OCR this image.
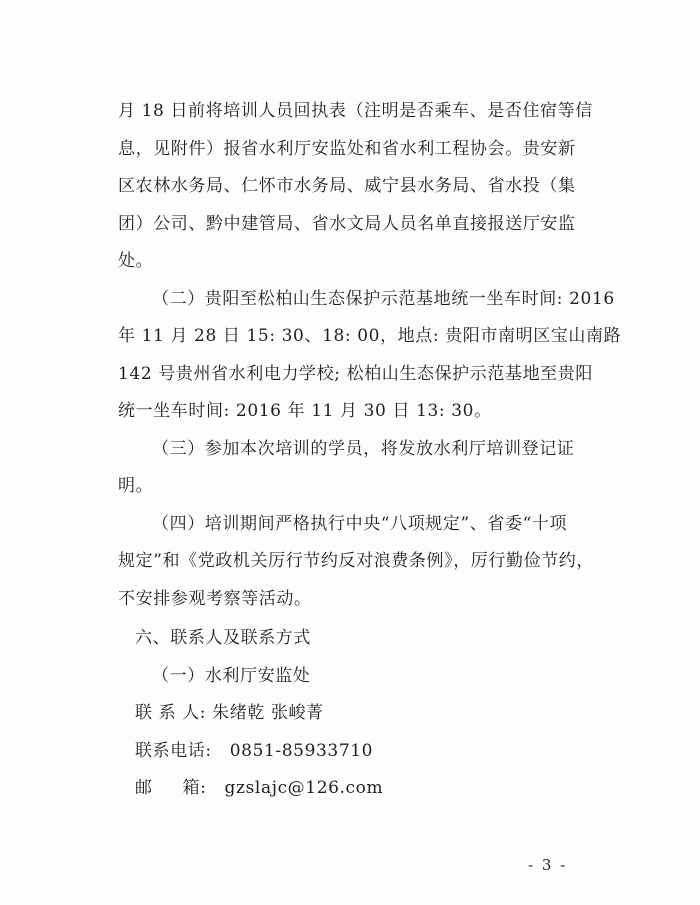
月 18 日前将培训人员回执表（注明是否乘车、是否住宿等信
息，见附件）报省水利厅安监处和省水利工程协会。贵安新
区农林水务局、仁怀市水务局、威宁县水务局、省水投（集
团）公司、黔中建管局、省水文局人员名单直接报送厅安监
处。
（二）贵阳至松柏山生态保护示范基地统一坐车时间: 2016
年 11 月 28 日 15: 30、18: 00，地点: 贵阳市南明区宝山南路
142 号贵州省水利电力学校; 松柏山生态保护示范基地至贵阳
统一坐车时间: 2016 年 11 月 30 日 13: 30。
（三）参加本次培训的学员，将发放水利厅培训登记证
明。
（四）培训期间严格执行中央“八项规定”、省委“十项
规定”和《党政机关厉行节约反对浪费条例》，厉行勤俭节约，
不安排参观考察等活动。
六、联系人及联系方式
（一）水利厅安监处
联 系 人: 朱绪乾 张峻菁
联系电话:   0851-85933710
邮     箱:   gzslajc@126.com
- 3 -
